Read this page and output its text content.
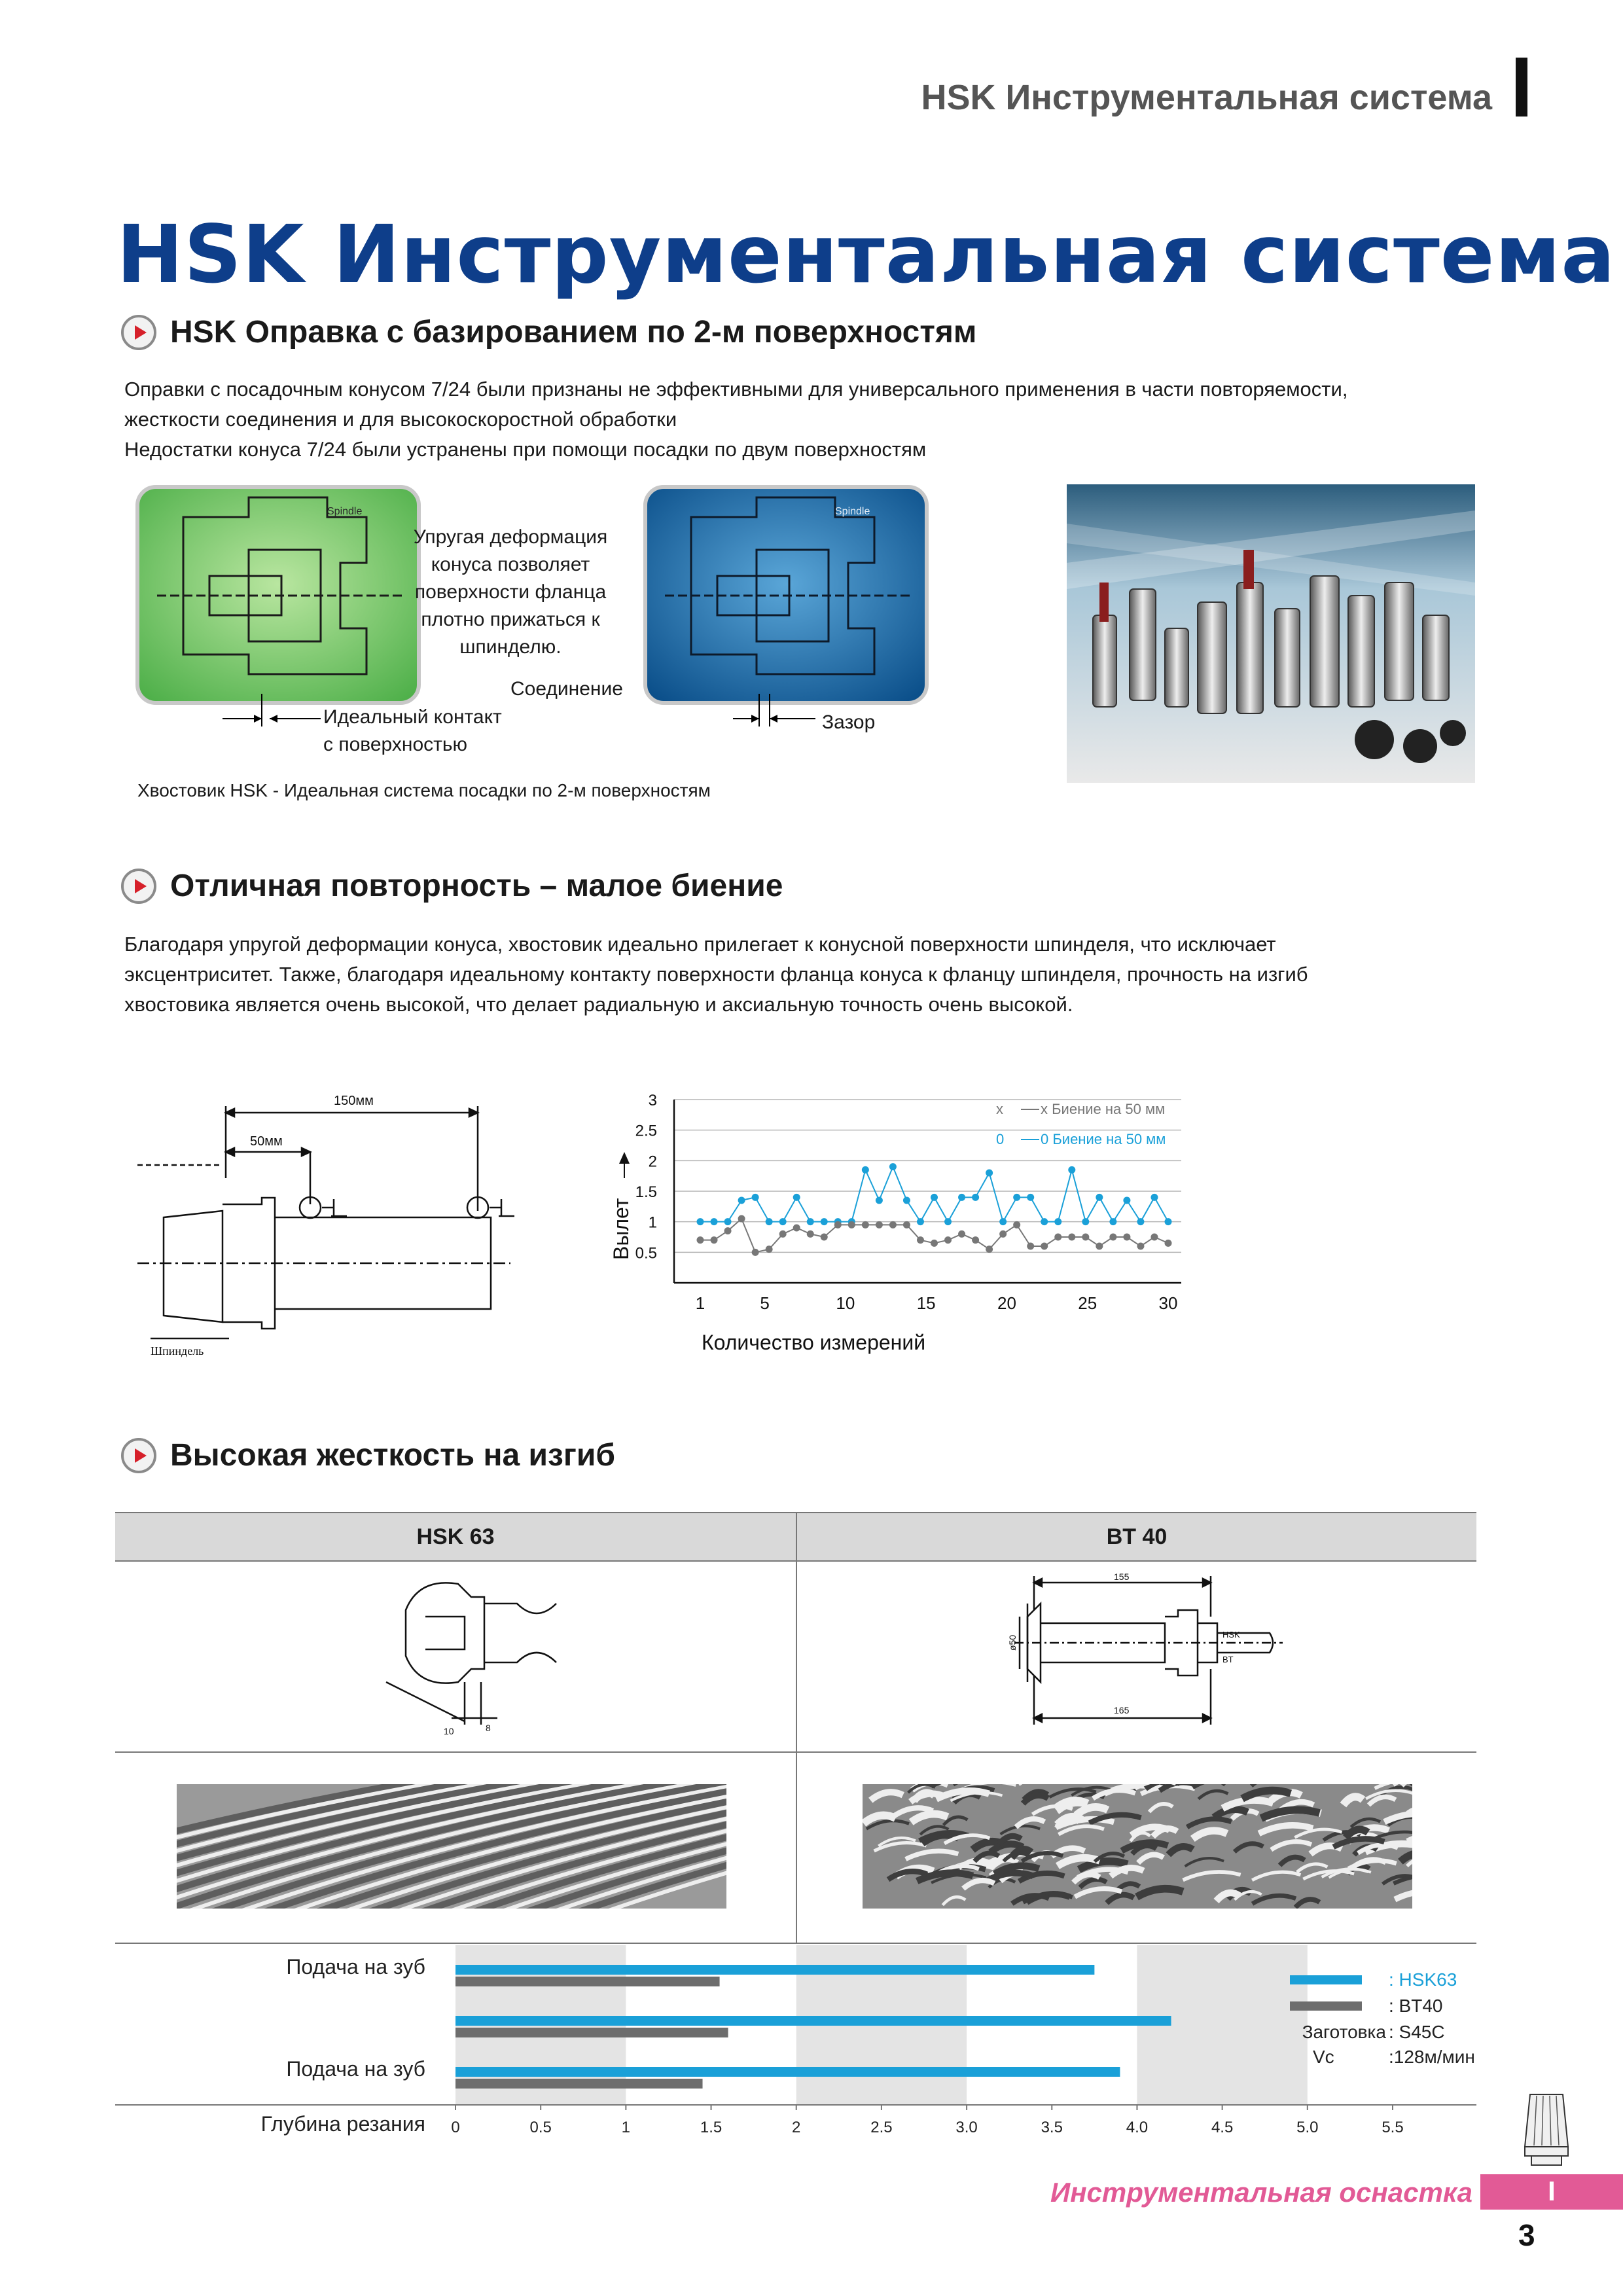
HSK Инструментальная система
HSK Инструментальная система
HSK Оправка с базированием по 2-м поверхностям
Оправки с посадочным конусом 7/24 были признаны не эффективными для универсального применения в части повторяемости,
жесткости соединения и для высокоскоростной обработки
Недостатки конуса 7/24 были устранены при помощи посадки по двум поверхностям
Spindle	Spindle
Упругая деформация
конуса позволяет
поверхности фланца
плотно прижаться к
шпинделю.
Соединение
Идеальный контакт
с поверхностью
Зазор
Хвостовик HSK - Идеальная система посадки по 2-м поверхностям
Отличная повторность – малое биение
Благодаря упругой деформации конуса, хвостовик идеально прилегает к конусной поверхности шпинделя, что исключает
эксцентриситет. Также, благодаря идеальному контакту поверхности фланца конуса к фланцу шпинделя, прочность на изгиб
хвостовика является очень высокой, что делает радиальную и аксиальную точность очень высокой.
150мм
50мм
Шпиндель
Вылет
Количество измерений
3
2.5
2
1.5
1
0.5
1	5	10	15	20	25	30
x	x Биение на 50 мм
0	0 Биение на 50 мм
Высокая жесткость на изгиб
HSK 63	BT 40
10	8
155
165
ø50
HSK
BT
0	0.5	1	1.5	2	2.5	3.0	3.5	4.0	4.5	5.0	5.5
Подача на зуб
Подача на зуб
Глубина резания
: HSK63
: BT40
Заготовка : S45C
Vc	:128м/мин
Инструментальная оснастка	I
3
